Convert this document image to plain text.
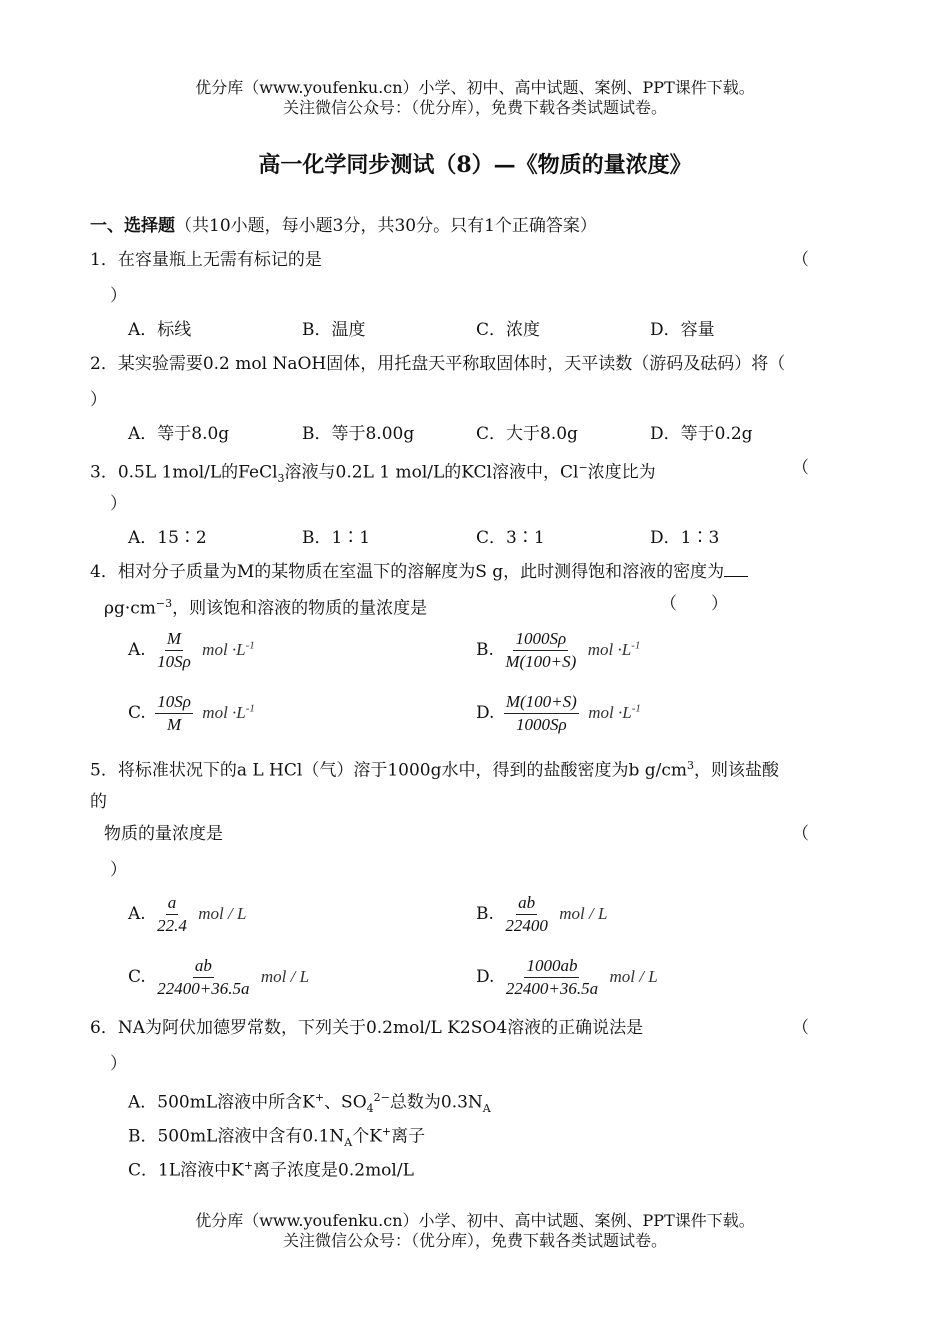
优分库（www.youfenku.cn）小学、初中、高中试题、案例、PPT课件下载。
关注微信公众号：（优分库），免费下载各类试题试卷。
高一化学同步测试（8）—《物质的量浓度》
一、选择题（共10小题，每小题3分，共30分。只有1个正确答案）
1．在容量瓶上无需有标记的是	（
）
A．标线	B．温度	C．浓度	D．容量
2．某实验需要0.2 mol NaOH固体，用托盘天平称取固体时，天平读数（游码及砝码）将（
）
A．等于8.0g	B．等于8.00g	C．大于8.0g	D．等于0.2g
3．0.5L 1mol/L的FeCl$_3$溶液与0.2L 1 mol/L的KCl溶液中，Cl−浓度比为	（
）
A．15∶2	B．1∶1	C．3∶1	D．1∶3
4．相对分子质量为M的某物质在室温下的溶解度为S g，此时测得饱和溶液的密度为
$\rho g\cdot cm^{-3}$，则该饱和溶液的物质的量浓度是	（　　）
A. $\frac{M}{10S\rho}$ mol $\cdot L^{-1}$	B. $\frac{1000S\rho}{M(100+S)}$ mol $\cdot L^{-1}$
C. $\frac{10S\rho}{M}$ mol $\cdot L^{-1}$	D. $\frac{M(100+S)}{1000S\rho}$ mol $\cdot L^{-1}$
5．将标准状况下的a L HCl（气）溶于1000g水中，得到的盐酸密度为b $g/cm^3$，则该盐酸
的
物质的量浓度是	（
）
A. $\frac{a}{22.4}$ mol / L	B. $\frac{ab}{22400}$ mol / L
C. $\frac{ab}{22400+36.5a}$ mol / L	D. $\frac{1000ab}{22400+36.5a}$ mol / L
6．NA为阿伏加德罗常数，下列关于0.2mol/L K2SO4溶液的正确说法是	（
）
A．500mL溶液中所含K+、$SO_4^{2-}$总数为$0.3N_A$
B．500mL溶液中含有$0.1N_A$个K+离子
C．1L溶液中K+离子浓度是0.2mol/L
优分库（www.youfenku.cn）小学、初中、高中试题、案例、PPT课件下载。
关注微信公众号：（优分库），免费下载各类试题试卷。
